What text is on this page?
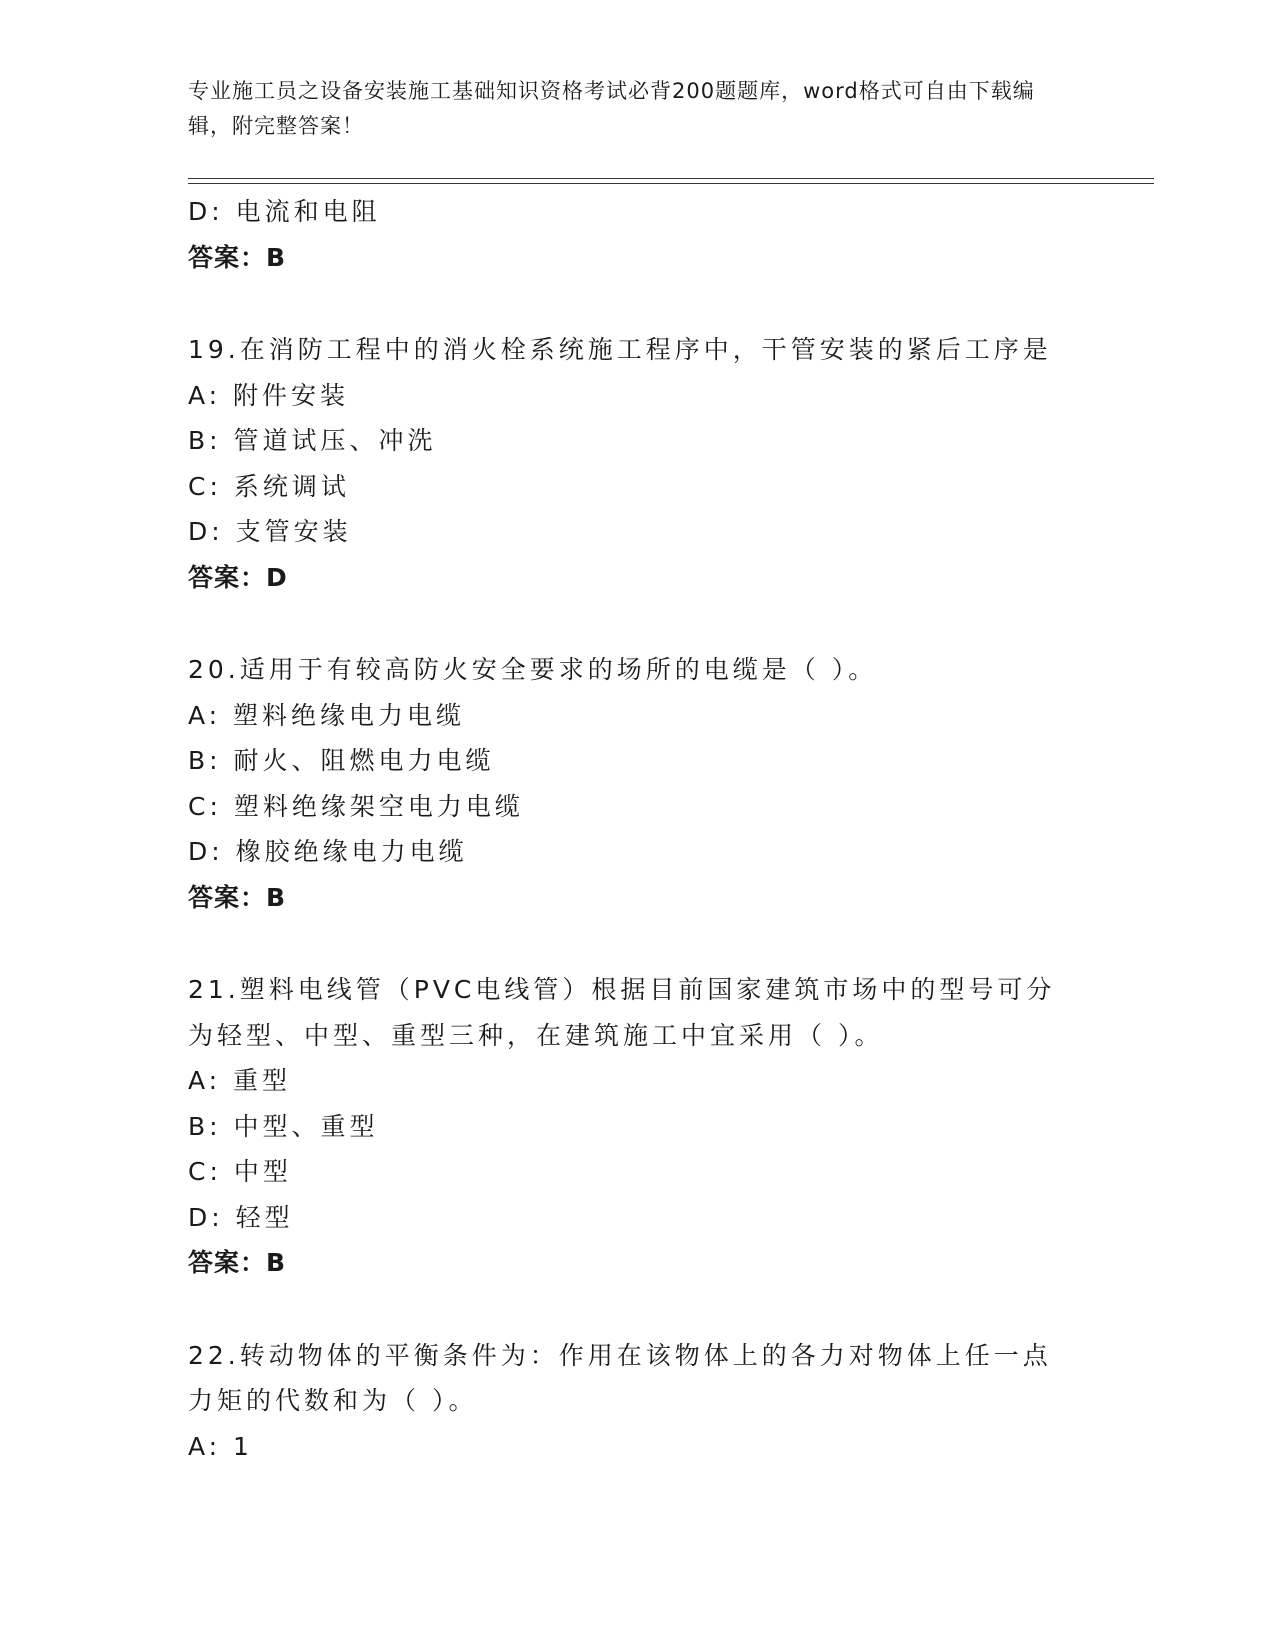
专业施工员之设备安装施工基础知识资格考试必背200题题库，word格式可自由下载编辑，附完整答案！
D: 电流和电阻
答案：B
19.在消防工程中的消火栓系统施工程序中，干管安装的紧后工序是
A: 附件安装
B: 管道试压、冲洗
C: 系统调试
D: 支管安装
答案：D
20.适用于有较高防火安全要求的场所的电缆是（ ）。
A: 塑料绝缘电力电缆
B: 耐火、阻燃电力电缆
C: 塑料绝缘架空电力电缆
D: 橡胶绝缘电力电缆
答案：B
21.塑料电线管（PVC电线管）根据目前国家建筑市场中的型号可分为轻型、中型、重型三种，在建筑施工中宜采用（ ）。
A: 重型
B: 中型、重型
C: 中型
D: 轻型
答案：B
22.转动物体的平衡条件为：作用在该物体上的各力对物体上任一点力矩的代数和为（ ）。
A: 1
